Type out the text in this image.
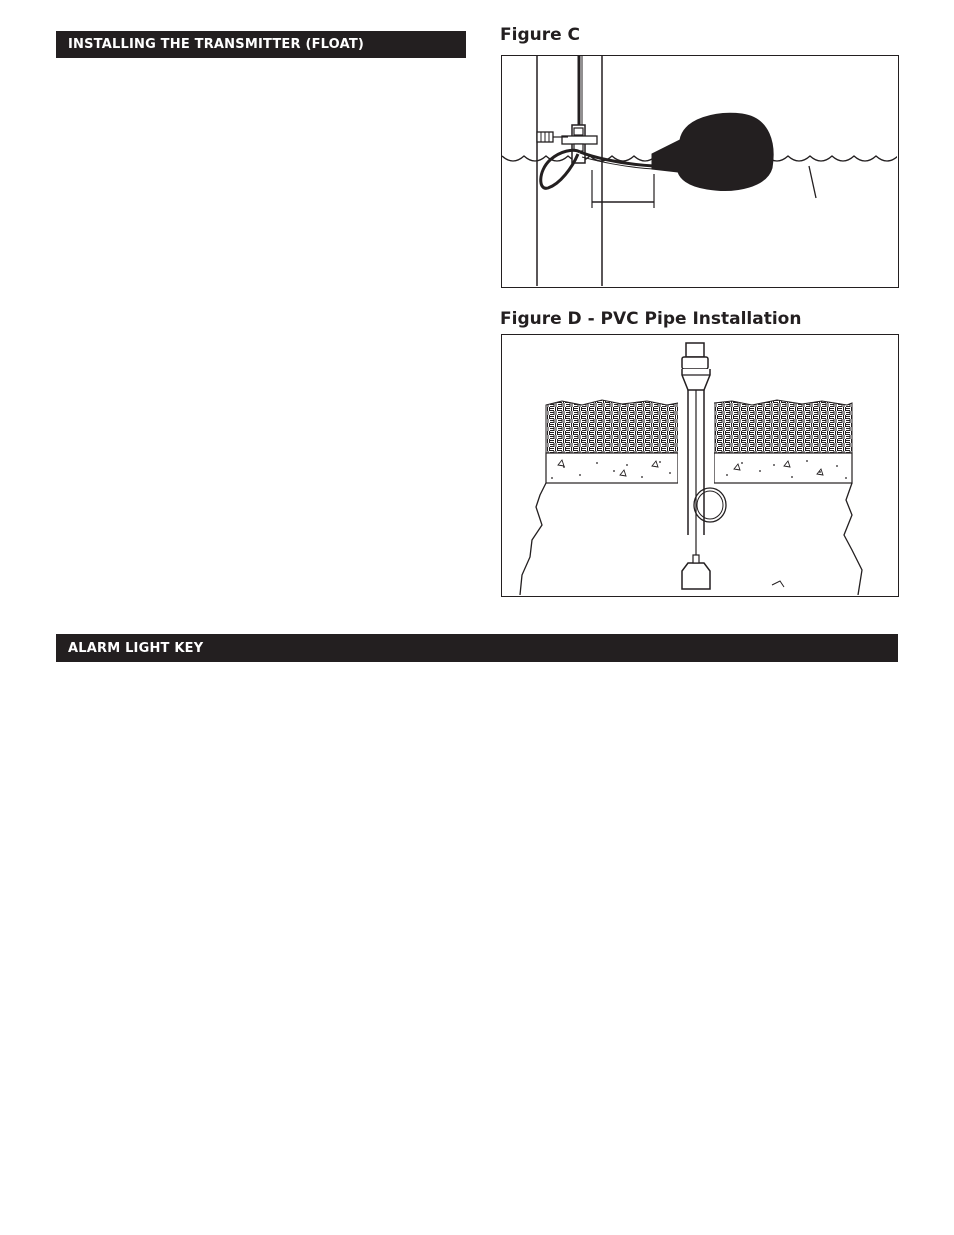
INSTALLING THE TRANSMITTER (FLOAT)	Figure C
Figure D - PVC Pipe Installation
ALARM LIGHT KEY
